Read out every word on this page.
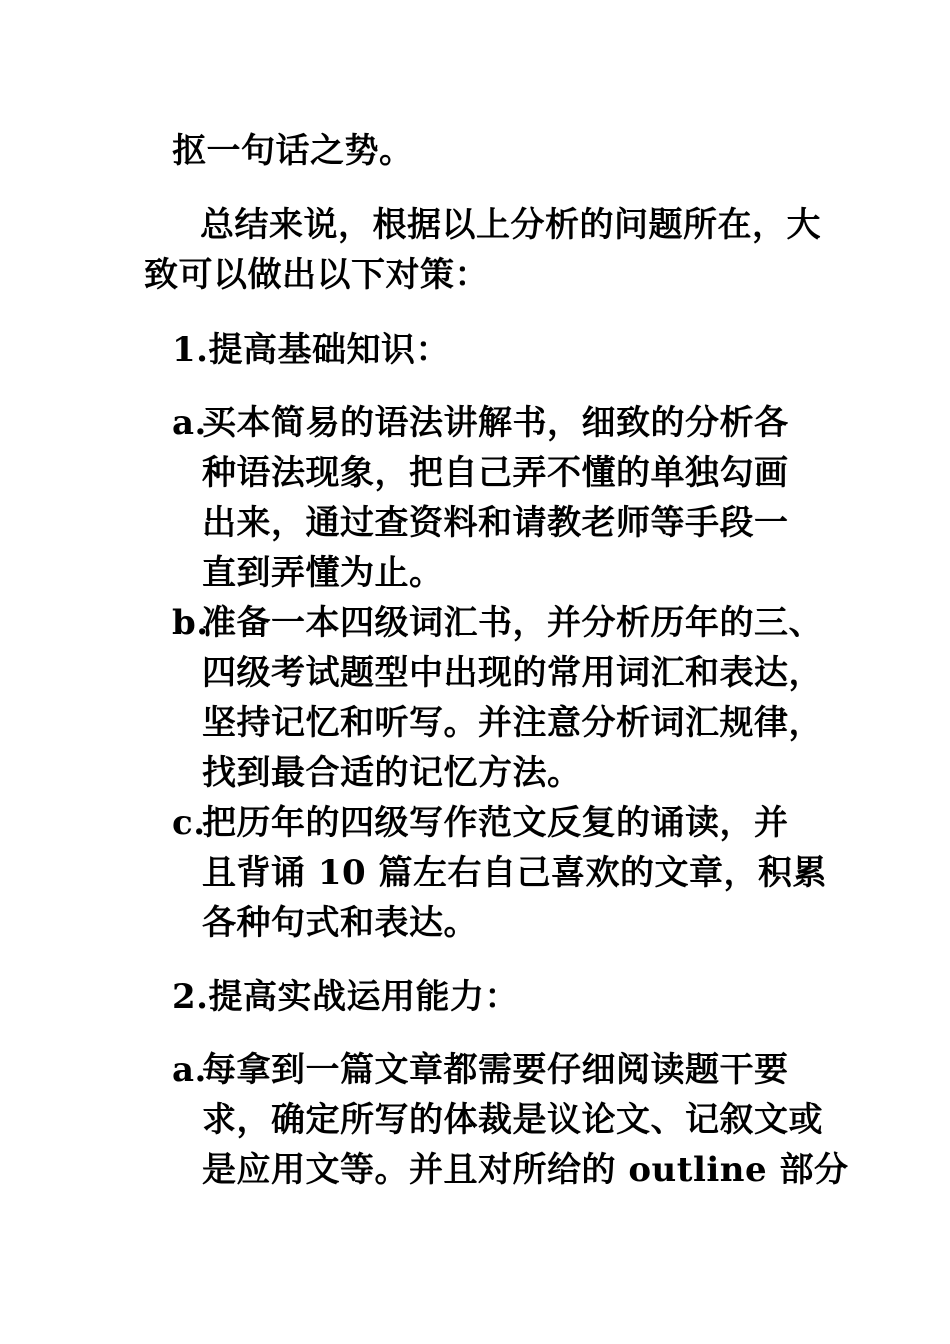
抠一句话之势。
总结来说，根据以上分析的问题所在，大
致可以做出以下对策：
1.提高基础知识：
a.
买本简易的语法讲解书，细致的分析各
种语法现象，把自己弄不懂的单独勾画
出来，通过查资料和请教老师等手段一
直到弄懂为止。
b.
准备一本四级词汇书，并分析历年的三、
四级考试题型中出现的常用词汇和表达，
坚持记忆和听写。并注意分析词汇规律，
找到最合适的记忆方法。
c.
把历年的四级写作范文反复的诵读，并
且背诵 10 篇左右自己喜欢的文章，积累
各种句式和表达。
2.提高实战运用能力：
a.
每拿到一篇文章都需要仔细阅读题干要
求，确定所写的体裁是议论文、记叙文或
是应用文等。并且对所给的 outline 部分
